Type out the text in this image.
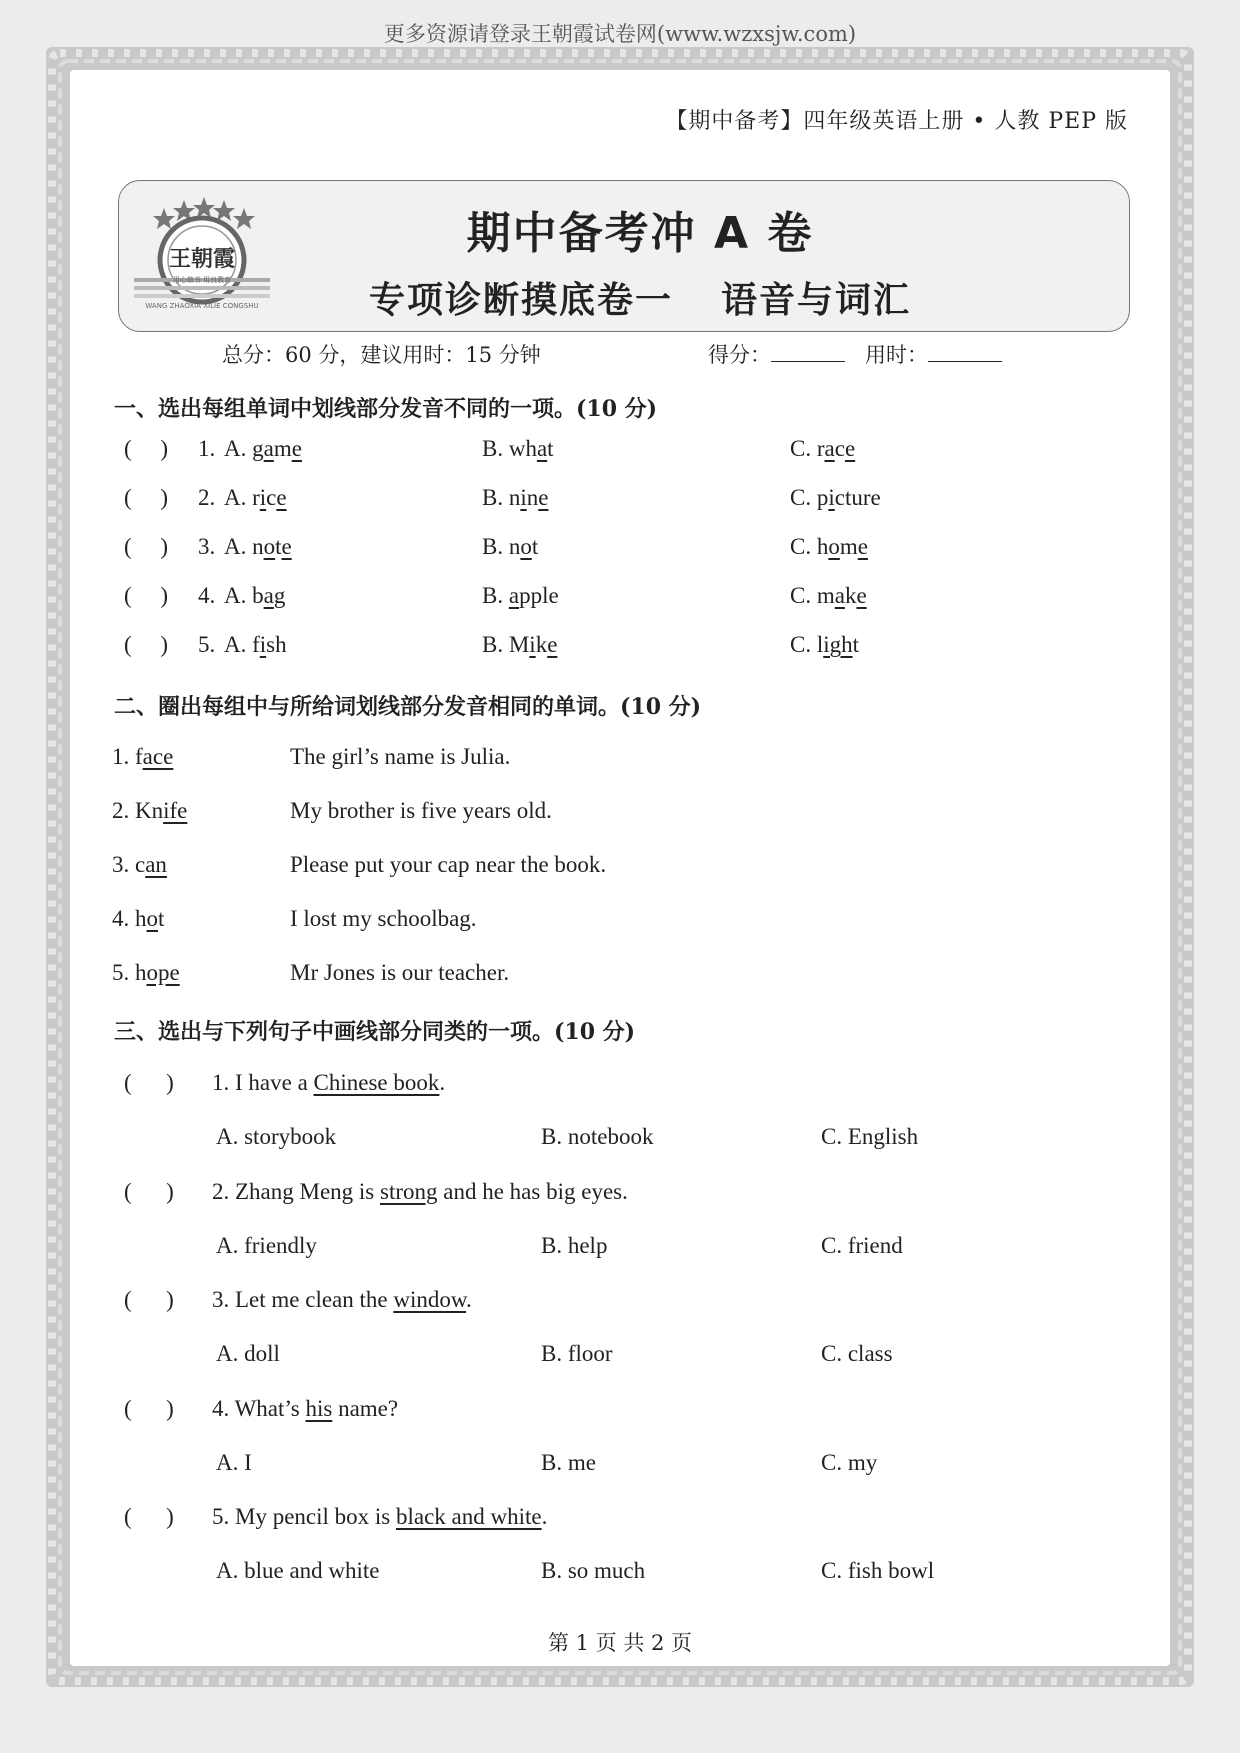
更多资源请登录王朝霞试卷网(www.wzxsjw.com)
【期中备考】四年级英语上册 • 人教 PEP 版
王朝霞
用心做书 用良教育
WANG ZHAOXIA XILIE CONGSHU
期中备考冲 A 卷
专项诊断摸底卷一 语音与词汇
总分：60 分，建议用时：15 分钟	得分：	用时：
一、选出每组单词中划线部分发音不同的一项。(10 分)
(     ) 1. A. game	B. what	C. race
(     ) 2. A. rice	B. nine	C. picture
(     ) 3. A. note	B. not	C. home
(     ) 4. A. bag	B. apple	C. make
(     ) 5. A. fish	B. Mike	C. light
二、圈出每组中与所给词划线部分发音相同的单词。(10 分)
1. face	The girl’s name is Julia.
2. Knife	My brother is five years old.
3. can	Please put your cap near the book.
4. hot	I lost my schoolbag.
5. hope	Mr Jones is our teacher.
三、选出与下列句子中画线部分同类的一项。(10 分)
(      ) 1. I have a Chinese book.
A. storybook	B. notebook	C. English
(      ) 2. Zhang Meng is strong and he has big eyes.
A. friendly	B. help	C. friend
(      ) 3. Let me clean the window.
A. doll	B. floor	C. class
(      ) 4. What’s his name?
A. I	B. me	C. my
(      ) 5. My pencil box is black and white.
A. blue and white	B. so much	C. fish bowl
第 1 页 共 2 页
